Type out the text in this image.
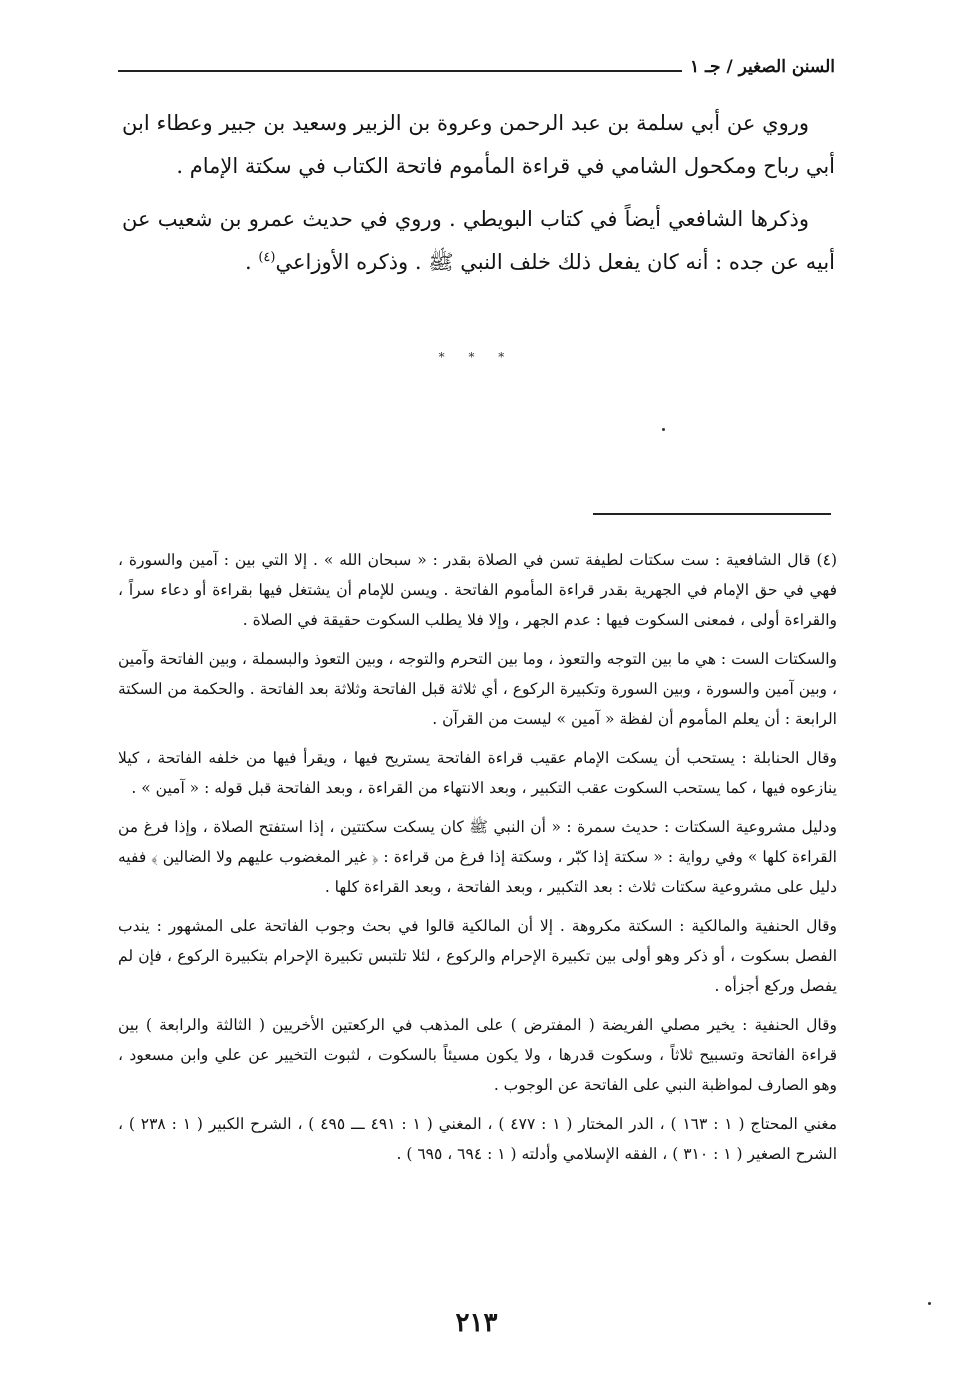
السنن الصغير / جـ ١

وروي عن أبي سلمة بن عبد الرحمن وعروة بن الزبير وسعيد بن جبير وعطاء ابن أبي رباح ومكحول الشامي في قراءة المأموم فاتحة الكتاب في سكتة الإمام .

وذكرها الشافعي أيضاً في كتاب البويطي . وروي في حديث عمرو بن شعيب عن أبيه عن جده : أنه كان يفعل ذلك خلف النبي ﷺ . وذكره الأوزاعي$^{(٤)}$ .

* * *

(٤) قال الشافعية : ست سكتات لطيفة تسن في الصلاة بقدر : « سبحان الله » . إلا التي بين : آمين والسورة ، فهي في حق الإمام في الجهرية بقدر قراءة المأموم الفاتحة . ويسن للإمام أن يشتغل فيها بقراءة أو دعاء سراً ، والقراءة أولى ، فمعنى السكوت فيها : عدم الجهر ، وإلا فلا يطلب السكوت حقيقة في الصلاة .

والسكتات الست : هي ما بين التوجه والتعوذ ، وما بين التحرم والتوجه ، وبين التعوذ والبسملة ، وبين الفاتحة وآمين ، وبين آمين والسورة ، وبين السورة وتكبيرة الركوع ، أي ثلاثة قبل الفاتحة وثلاثة بعد الفاتحة . والحكمة من السكتة الرابعة : أن يعلم المأموم أن لفظة « آمين » ليست من القرآن .

وقال الحنابلة : يستحب أن يسكت الإمام عقيب قراءة الفاتحة يستريح فيها ، ويقرأ فيها من خلفه الفاتحة ، كيلا ينازعوه فيها ، كما يستحب السكوت عقب التكبير ، وبعد الانتهاء من القراءة ، وبعد الفاتحة قبل قوله : « آمين » .

ودليل مشروعية السكتات : حديث سمرة : « أن النبي ﷺ كان يسكت سكتتين ، إذا استفتح الصلاة ، وإذا فرغ من القراءة كلها » وفي رواية : « سكتة إذا كبّر ، وسكتة إذا فرغ من قراءة : ﴿ غير المغضوب عليهم ولا الضالين ﴾ ففيه دليل على مشروعية سكتات ثلاث : بعد التكبير ، وبعد الفاتحة ، وبعد القراءة كلها .

وقال الحنفية والمالكية : السكتة مكروهة . إلا أن المالكية قالوا في بحث وجوب الفاتحة على المشهور : يندب الفصل بسكوت ، أو ذكر وهو أولى بين تكبيرة الإحرام والركوع ، لئلا تلتبس تكبيرة الإحرام بتكبيرة الركوع ، فإن لم يفصل وركع أجزأه .

وقال الحنفية : يخير مصلي الفريضة ( المفترض ) على المذهب في الركعتين الأخريين ( الثالثة والرابعة ) بين قراءة الفاتحة وتسبيح ثلاثاً ، وسكوت قدرها ، ولا يكون مسيئاً بالسكوت ، لثبوت التخيير عن علي وابن مسعود ، وهو الصارف لمواظبة النبي على الفاتحة عن الوجوب .

مغني المحتاج ( ١ : ١٦٣ ) ، الدر المختار ( ١ : ٤٧٧ ) ، المغني ( ١ : ٤٩١ ـــ ٤٩٥ ) ، الشرح الكبير ( ١ : ٢٣٨ ) ، الشرح الصغير ( ١ : ٣١٠ ) ، الفقه الإسلامي وأدلته ( ١ : ٦٩٤ ، ٦٩٥ ) .

٢١٣
